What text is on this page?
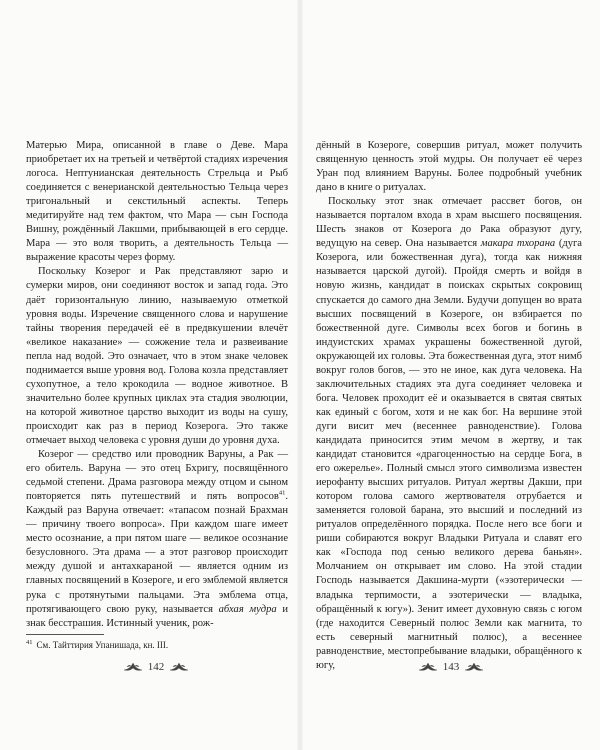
Матерью Мира, описанной в главе о Деве. Мара приобретает их на третьей и четвёртой стадиях изречения логоса. Нептунианская деятельность Стрельца и Рыб соединяется с венерианской деятельностью Тельца через тригональный и секстильный аспекты. Теперь медитируйте над тем фактом, что Мара — сын Господа Вишну, рождённый Лакшми, прибывающей в его сердце. Мара — это воля творить, а деятельность Тельца — выражение красоты через форму.

Поскольку Козерог и Рак представляют зарю и сумерки миров, они соединяют восток и запад года. Это даёт горизонтальную линию, называемую отметкой уровня воды. Изречение священного слова и нарушение тайны творения передачей её в предвкушении влечёт «великое наказание» — сожжение тела и развеивание пепла над водой. Это означает, что в этом знаке человек поднимается выше уровня вод. Голова козла представляет сухопутное, а тело крокодила — водное животное. В значительно более крупных циклах эта стадия эволюции, на которой животное царство выходит из воды на сушу, происходит как раз в период Козерога. Это также отмечает выход человека с уровня души до уровня духа.

Козерог — средство или проводник Варуны, а Рак — его обитель. Варуна — это отец Бхригу, посвящённого седьмой степени. Драма разговора между отцом и сыном повторяется пять путешествий и пять вопросов$^{41}$. Каждый раз Варуна отвечает: «тапасом познай Брахман — причину твоего вопроса». При каждом шаге имеет место осознание, а при пятом шаге — великое осознание безусловного. Эта драма — а этот разговор происходит между душой и антахкараной — является одним из главных посвящений в Козероге, и его эмблемой является рука с протянутыми пальцами. Эта эмблема отца, протягивающего свою руку, называется абхая мудра и знак бесстрашия. Истинный ученик, рож-

$^{41}$ См. Тайттирия Упанишада, кн. III.

дённый в Козероге, совершив ритуал, может получить священную ценность этой мудры. Он получает её через Уран под влиянием Варуны. Более подробный учебник дано в книге о ритуалах.

Поскольку этот знак отмечает рассвет богов, он называется порталом входа в храм высшего посвящения. Шесть знаков от Козерога до Рака образуют дугу, ведущую на север. Она называется макара тхорана (дуга Козерога, или божественная дуга), тогда как нижняя называется царской дугой). Пройдя смерть и войдя в новую жизнь, кандидат в поисках скрытых сокровищ спускается до самого дна Земли. Будучи допущен во врата высших посвящений в Козероге, он взбирается по божественной дуге. Символы всех богов и богинь в индуистских храмах украшены божественной дугой, окружающей их головы. Эта божественная дуга, этот нимб вокруг голов богов, — это не иное, как дуга человека. На заключительных стадиях эта дуга соединяет человека и бога. Человек проходит её и оказывается в святая святых как единый с богом, хотя и не как бог. На вершине этой дуги висит меч (весеннее равноденствие). Голова кандидата приносится этим мечом в жертву, и так кандидат становится «драгоценностью на сердце Бога, в его ожерелье». Полный смысл этого символизма известен иерофанту высших ритуалов. Ритуал жертвы Дакши, при котором голова самого жертвователя отрубается и заменяется головой барана, это высший и последний из ритуалов определённого порядка. После него все боги и риши собираются вокруг Владыки Ритуала и славят его как «Господа под сенью великого дерева баньян». Молчанием он открывает им слово. На этой стадии Господь называется Дакшина-мурти («эзотерически — владыка терпимости, а эзотерически — владыка, обращённый к югу»). Зенит имеет духовную связь с югом (где находится Северный полюс Земли как магнита, то есть северный магнитный полюс), а весеннее равноденствие, местопребывание владыки, обращённого к югу,

142	143
